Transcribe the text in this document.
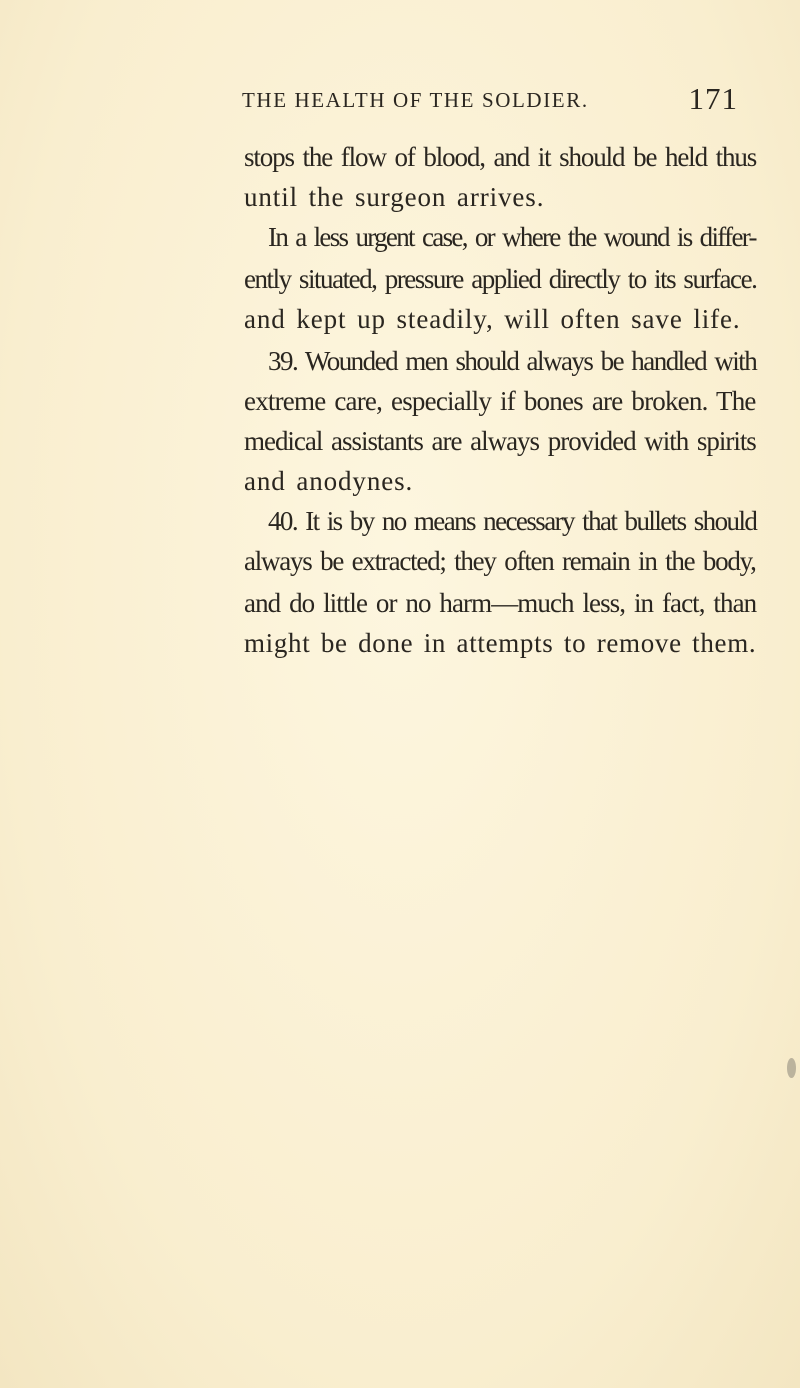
THE HEALTH OF THE SOLDIER.	171
stops the flow of blood, and it should be held thus
until the surgeon arrives.
In a less urgent case, or where the wound is differ-
ently situated, pressure applied directly to its surface.
and kept up steadily, will often save life.
39. Wounded men should always be handled with
extreme care, especially if bones are broken. The
medical assistants are always provided with spirits
and anodynes.
40. It is by no means necessary that bullets should
always be extracted; they often remain in the body,
and do little or no harm—much less, in fact, than
might be done in attempts to remove them.
